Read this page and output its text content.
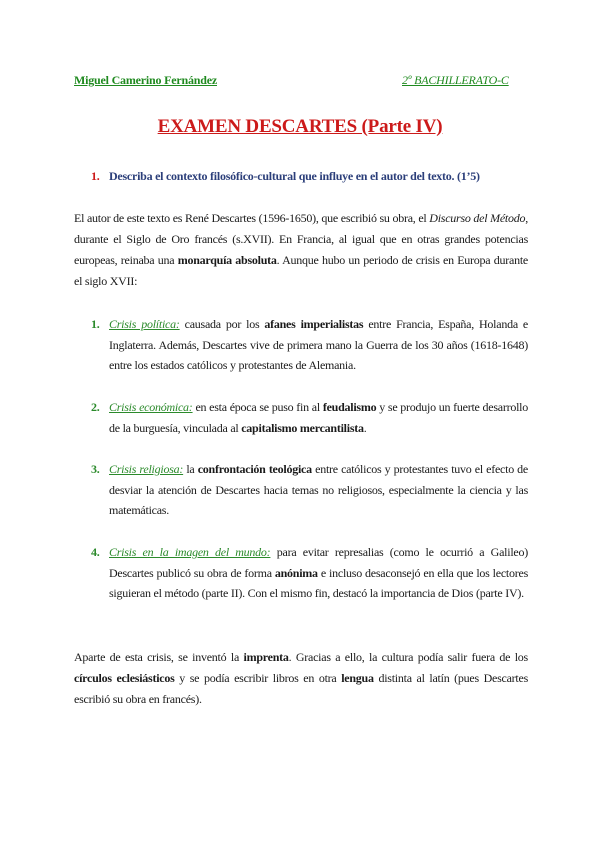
Miguel Camerino Fernández	2º BACHILLERATO-C
EXAMEN DESCARTES (Parte IV)
1. Describa el contexto filosófico-cultural que influye en el autor del texto. (1’5)
El autor de este texto es René Descartes (1596-1650), que escribió su obra, el Discurso del Método, durante el Siglo de Oro francés (s.XVII). En Francia, al igual que en otras grandes potencias europeas, reinaba una monarquía absoluta. Aunque hubo un periodo de crisis en Europa durante el siglo XVII:
1. Crisis política: causada por los afanes imperialistas entre Francia, España, Holanda e Inglaterra. Además, Descartes vive de primera mano la Guerra de los 30 años (1618-1648) entre los estados católicos y protestantes de Alemania.
2. Crisis económica: en esta época se puso fin al feudalismo y se produjo un fuerte desarrollo de la burguesía, vinculada al capitalismo mercantilista.
3. Crisis religiosa: la confrontación teológica entre católicos y protestantes tuvo el efecto de desviar la atención de Descartes hacia temas no religiosos, especialmente la ciencia y las matemáticas.
4. Crisis en la imagen del mundo: para evitar represalias (como le ocurrió a Galileo) Descartes publicó su obra de forma anónima e incluso desaconsejó en ella que los lectores siguieran el método (parte II). Con el mismo fin, destacó la importancia de Dios (parte IV).
Aparte de esta crisis, se inventó la imprenta. Gracias a ello, la cultura podía salir fuera de los círculos eclesiásticos y se podía escribir libros en otra lengua distinta al latín (pues Descartes escribió su obra en francés).
